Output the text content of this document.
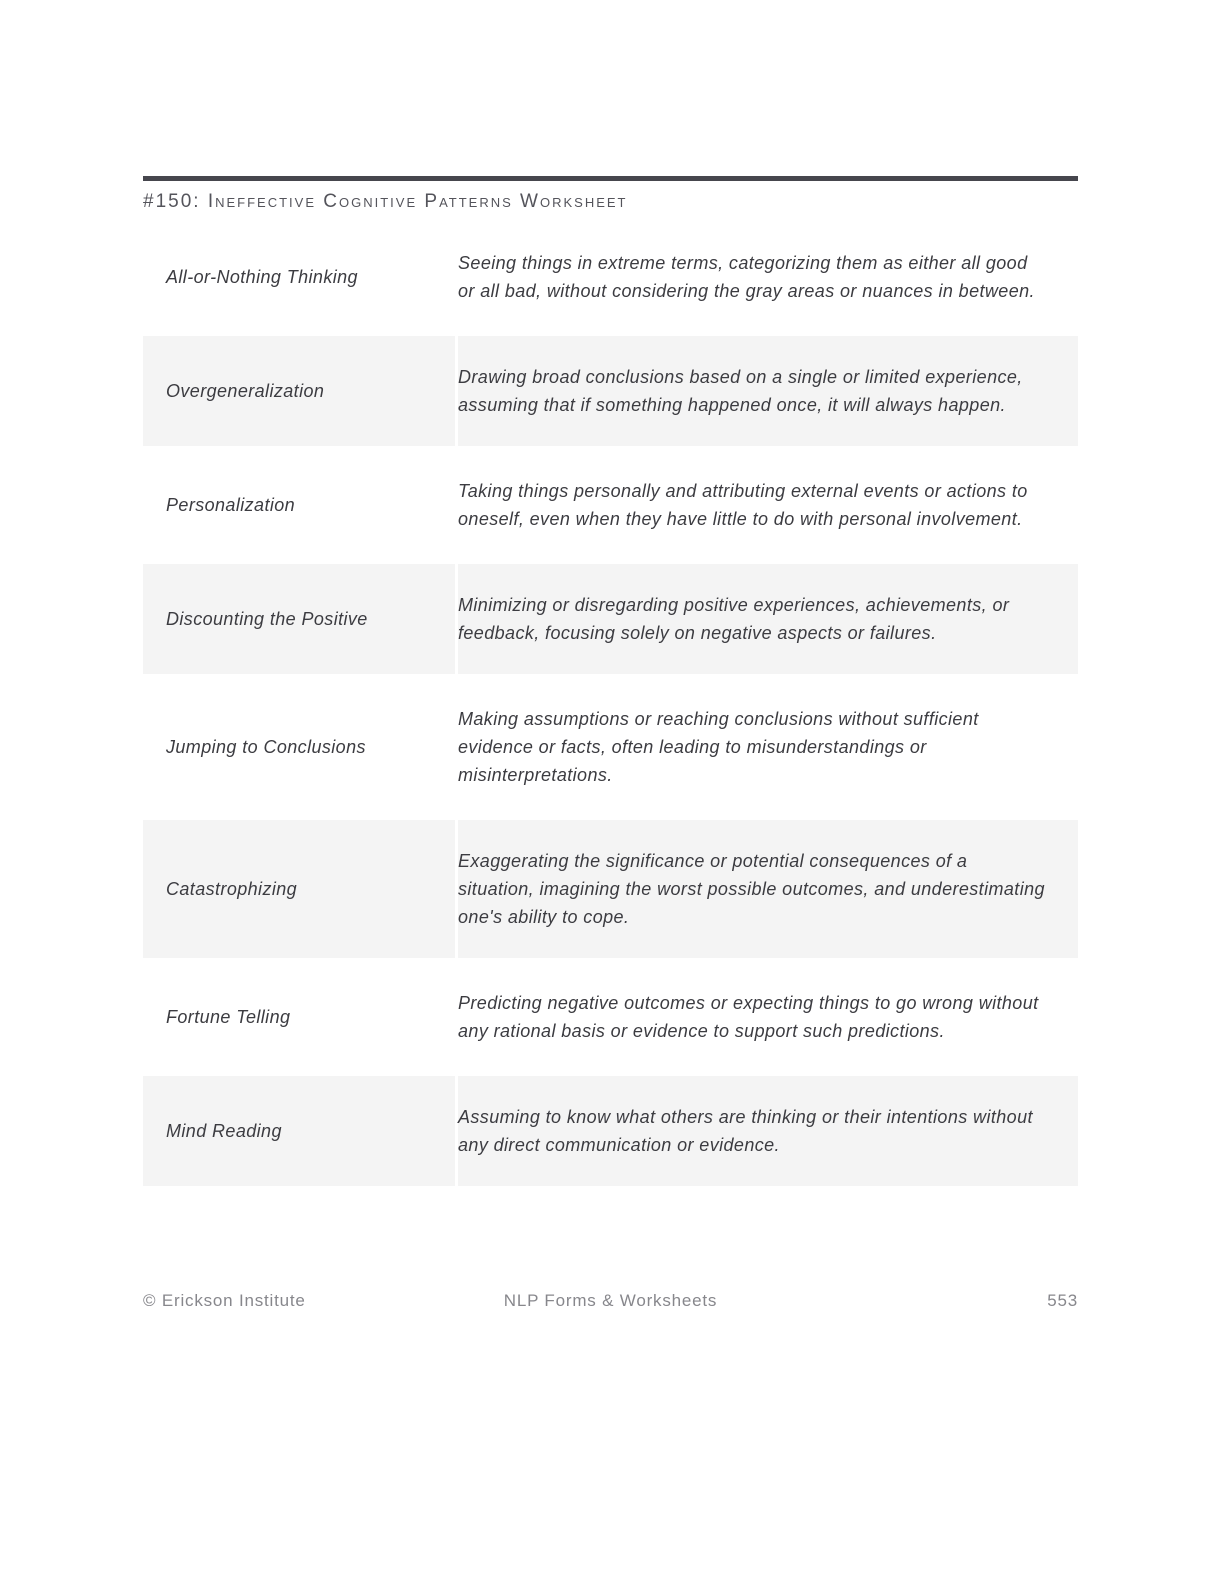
#150: Ineffective Cognitive Patterns Worksheet
All-or-Nothing Thinking
Seeing things in extreme terms, categorizing them as either all good or all bad, without considering the gray areas or nuances in between.
Overgeneralization
Drawing broad conclusions based on a single or limited experience, assuming that if something happened once, it will always happen.
Personalization
Taking things personally and attributing external events or actions to oneself, even when they have little to do with personal involvement.
Discounting the Positive
Minimizing or disregarding positive experiences, achievements, or feedback, focusing solely on negative aspects or failures.
Jumping to Conclusions
Making assumptions or reaching conclusions without sufficient evidence or facts, often leading to misunderstandings or misinterpretations.
Catastrophizing
Exaggerating the significance or potential consequences of a situation, imagining the worst possible outcomes, and underestimating one's ability to cope.
Fortune Telling
Predicting negative outcomes or expecting things to go wrong without any rational basis or evidence to support such predictions.
Mind Reading
Assuming to know what others are thinking or their intentions without any direct communication or evidence.
© Erickson Institute	NLP Forms & Worksheets	553
